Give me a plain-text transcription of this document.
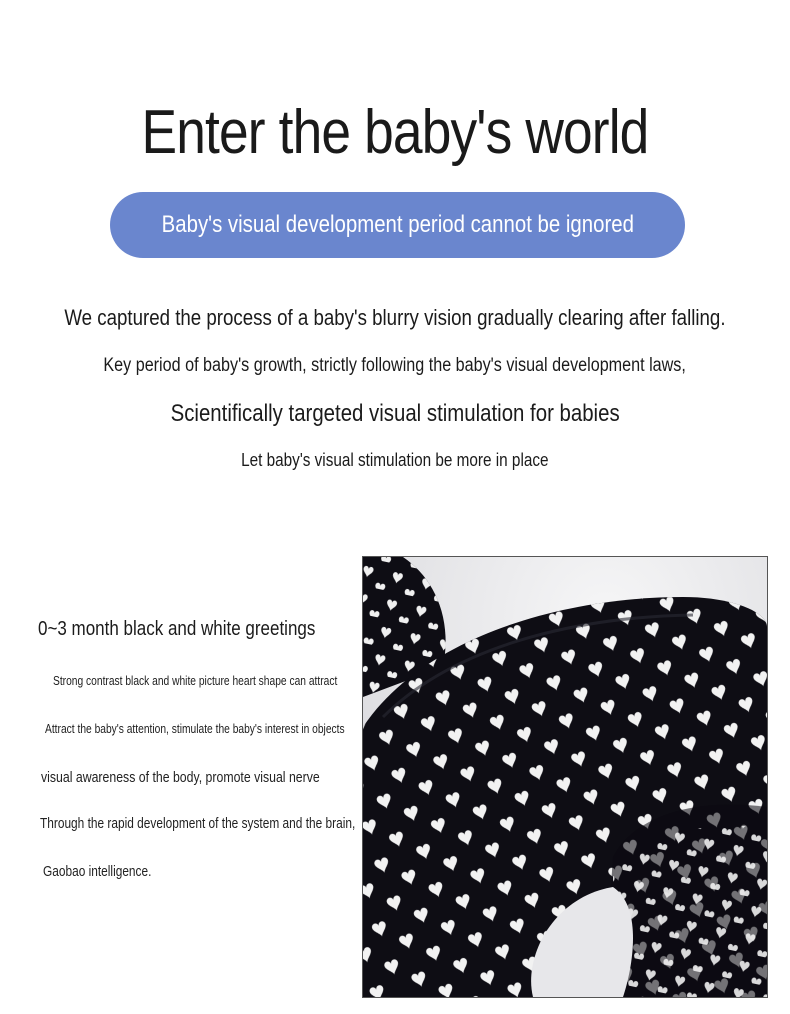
Enter the baby's world
Baby's visual development period cannot be ignored
We captured the process of a baby's blurry vision gradually clearing after falling.
Key period of baby's growth, strictly following the baby's visual development laws,
Scientifically targeted visual stimulation for babies
Let baby's visual stimulation be more in place
0~3 month black and white greetings
Strong contrast black and white picture heart shape can attract
Attract the baby's attention, stimulate the baby's interest in objects
visual awareness of the body, promote visual nerve
Through the rapid development of the system and the brain,
Gaobao intelligence.
